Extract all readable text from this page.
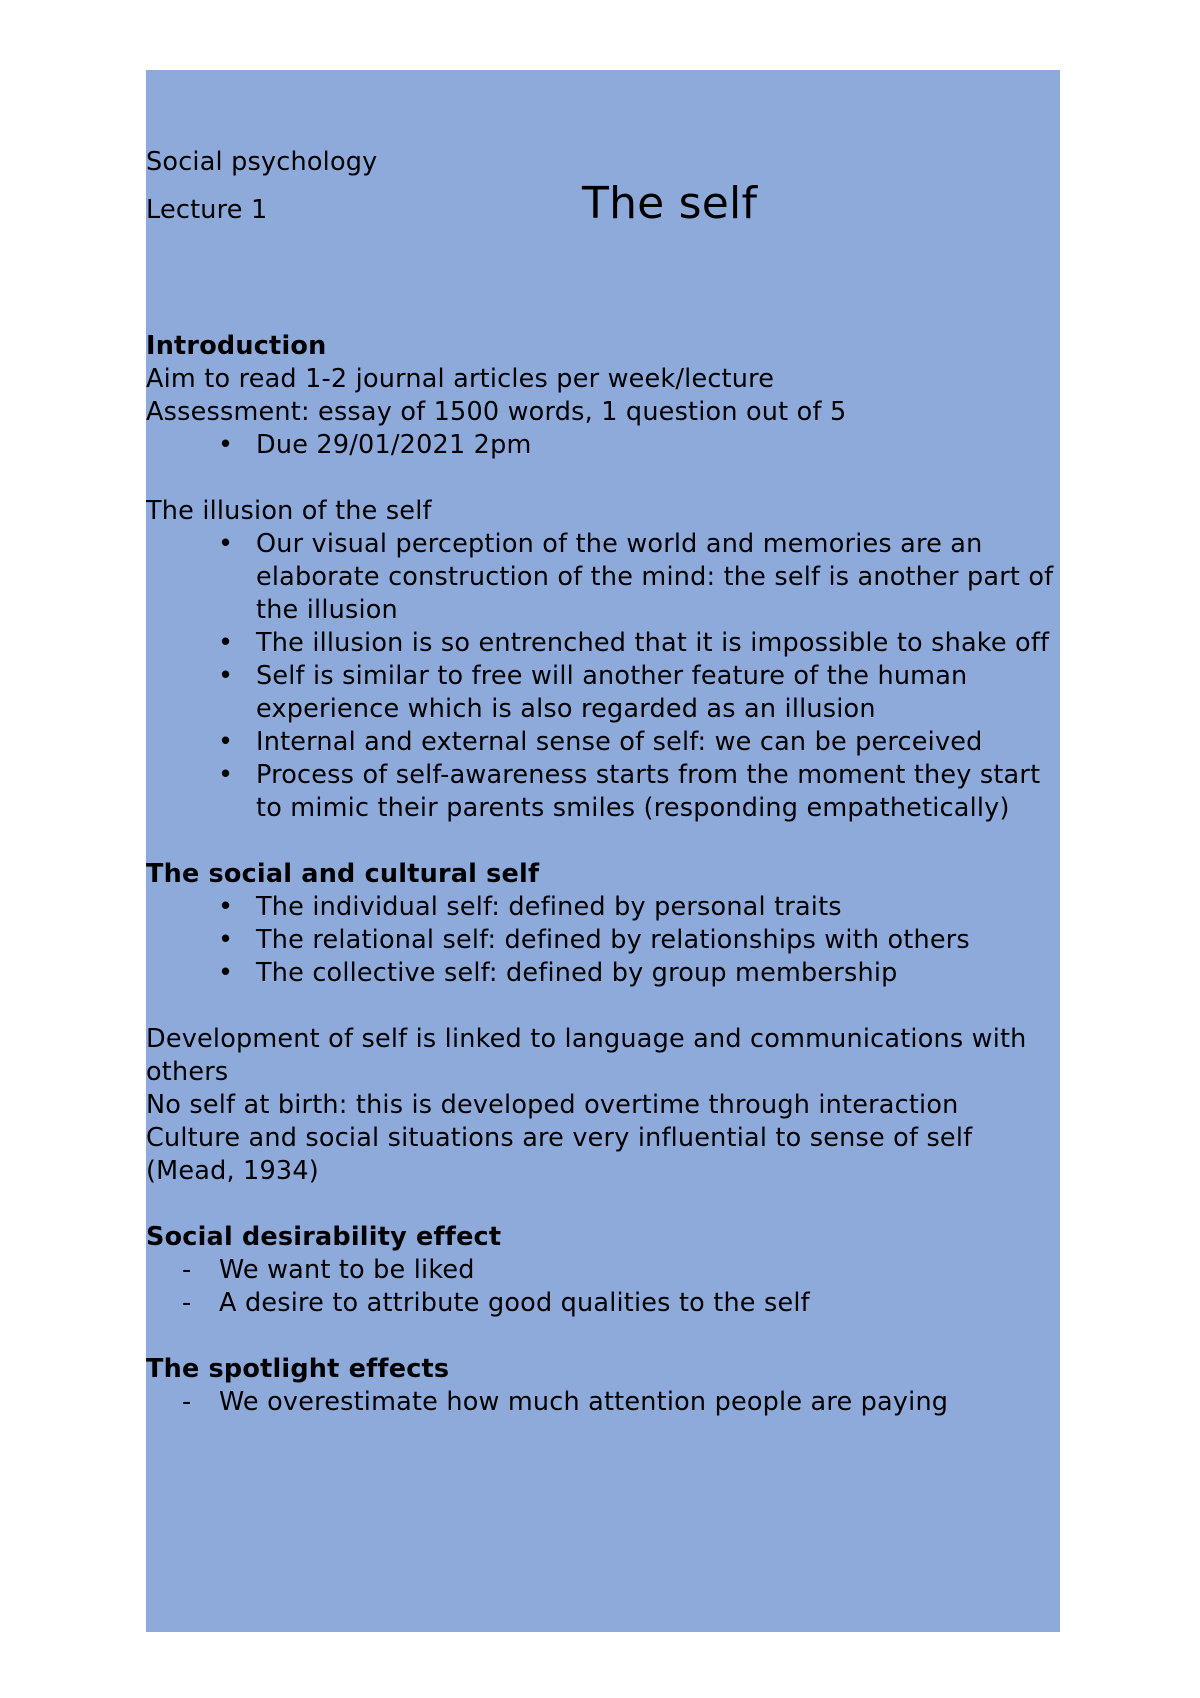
Social psychology
Lecture 1	The self
Introduction
Aim to read 1-2 journal articles per week/lecture
Assessment: essay of 1500 words, 1 question out of 5
• Due 29/01/2021 2pm
The illusion of the self
• Our visual perception of the world and memories are an elaborate construction of the mind: the self is another part of the illusion
• The illusion is so entrenched that it is impossible to shake off
• Self is similar to free will another feature of the human experience which is also regarded as an illusion
• Internal and external sense of self: we can be perceived
• Process of self-awareness starts from the moment they start to mimic their parents smiles (responding empathetically)
The social and cultural self
• The individual self: defined by personal traits
• The relational self: defined by relationships with others
• The collective self: defined by group membership
Development of self is linked to language and communications with others
No self at birth: this is developed overtime through interaction
Culture and social situations are very influential to sense of self (Mead, 1934)
Social desirability effect
- We want to be liked
- A desire to attribute good qualities to the self
The spotlight effects
- We overestimate how much attention people are paying
